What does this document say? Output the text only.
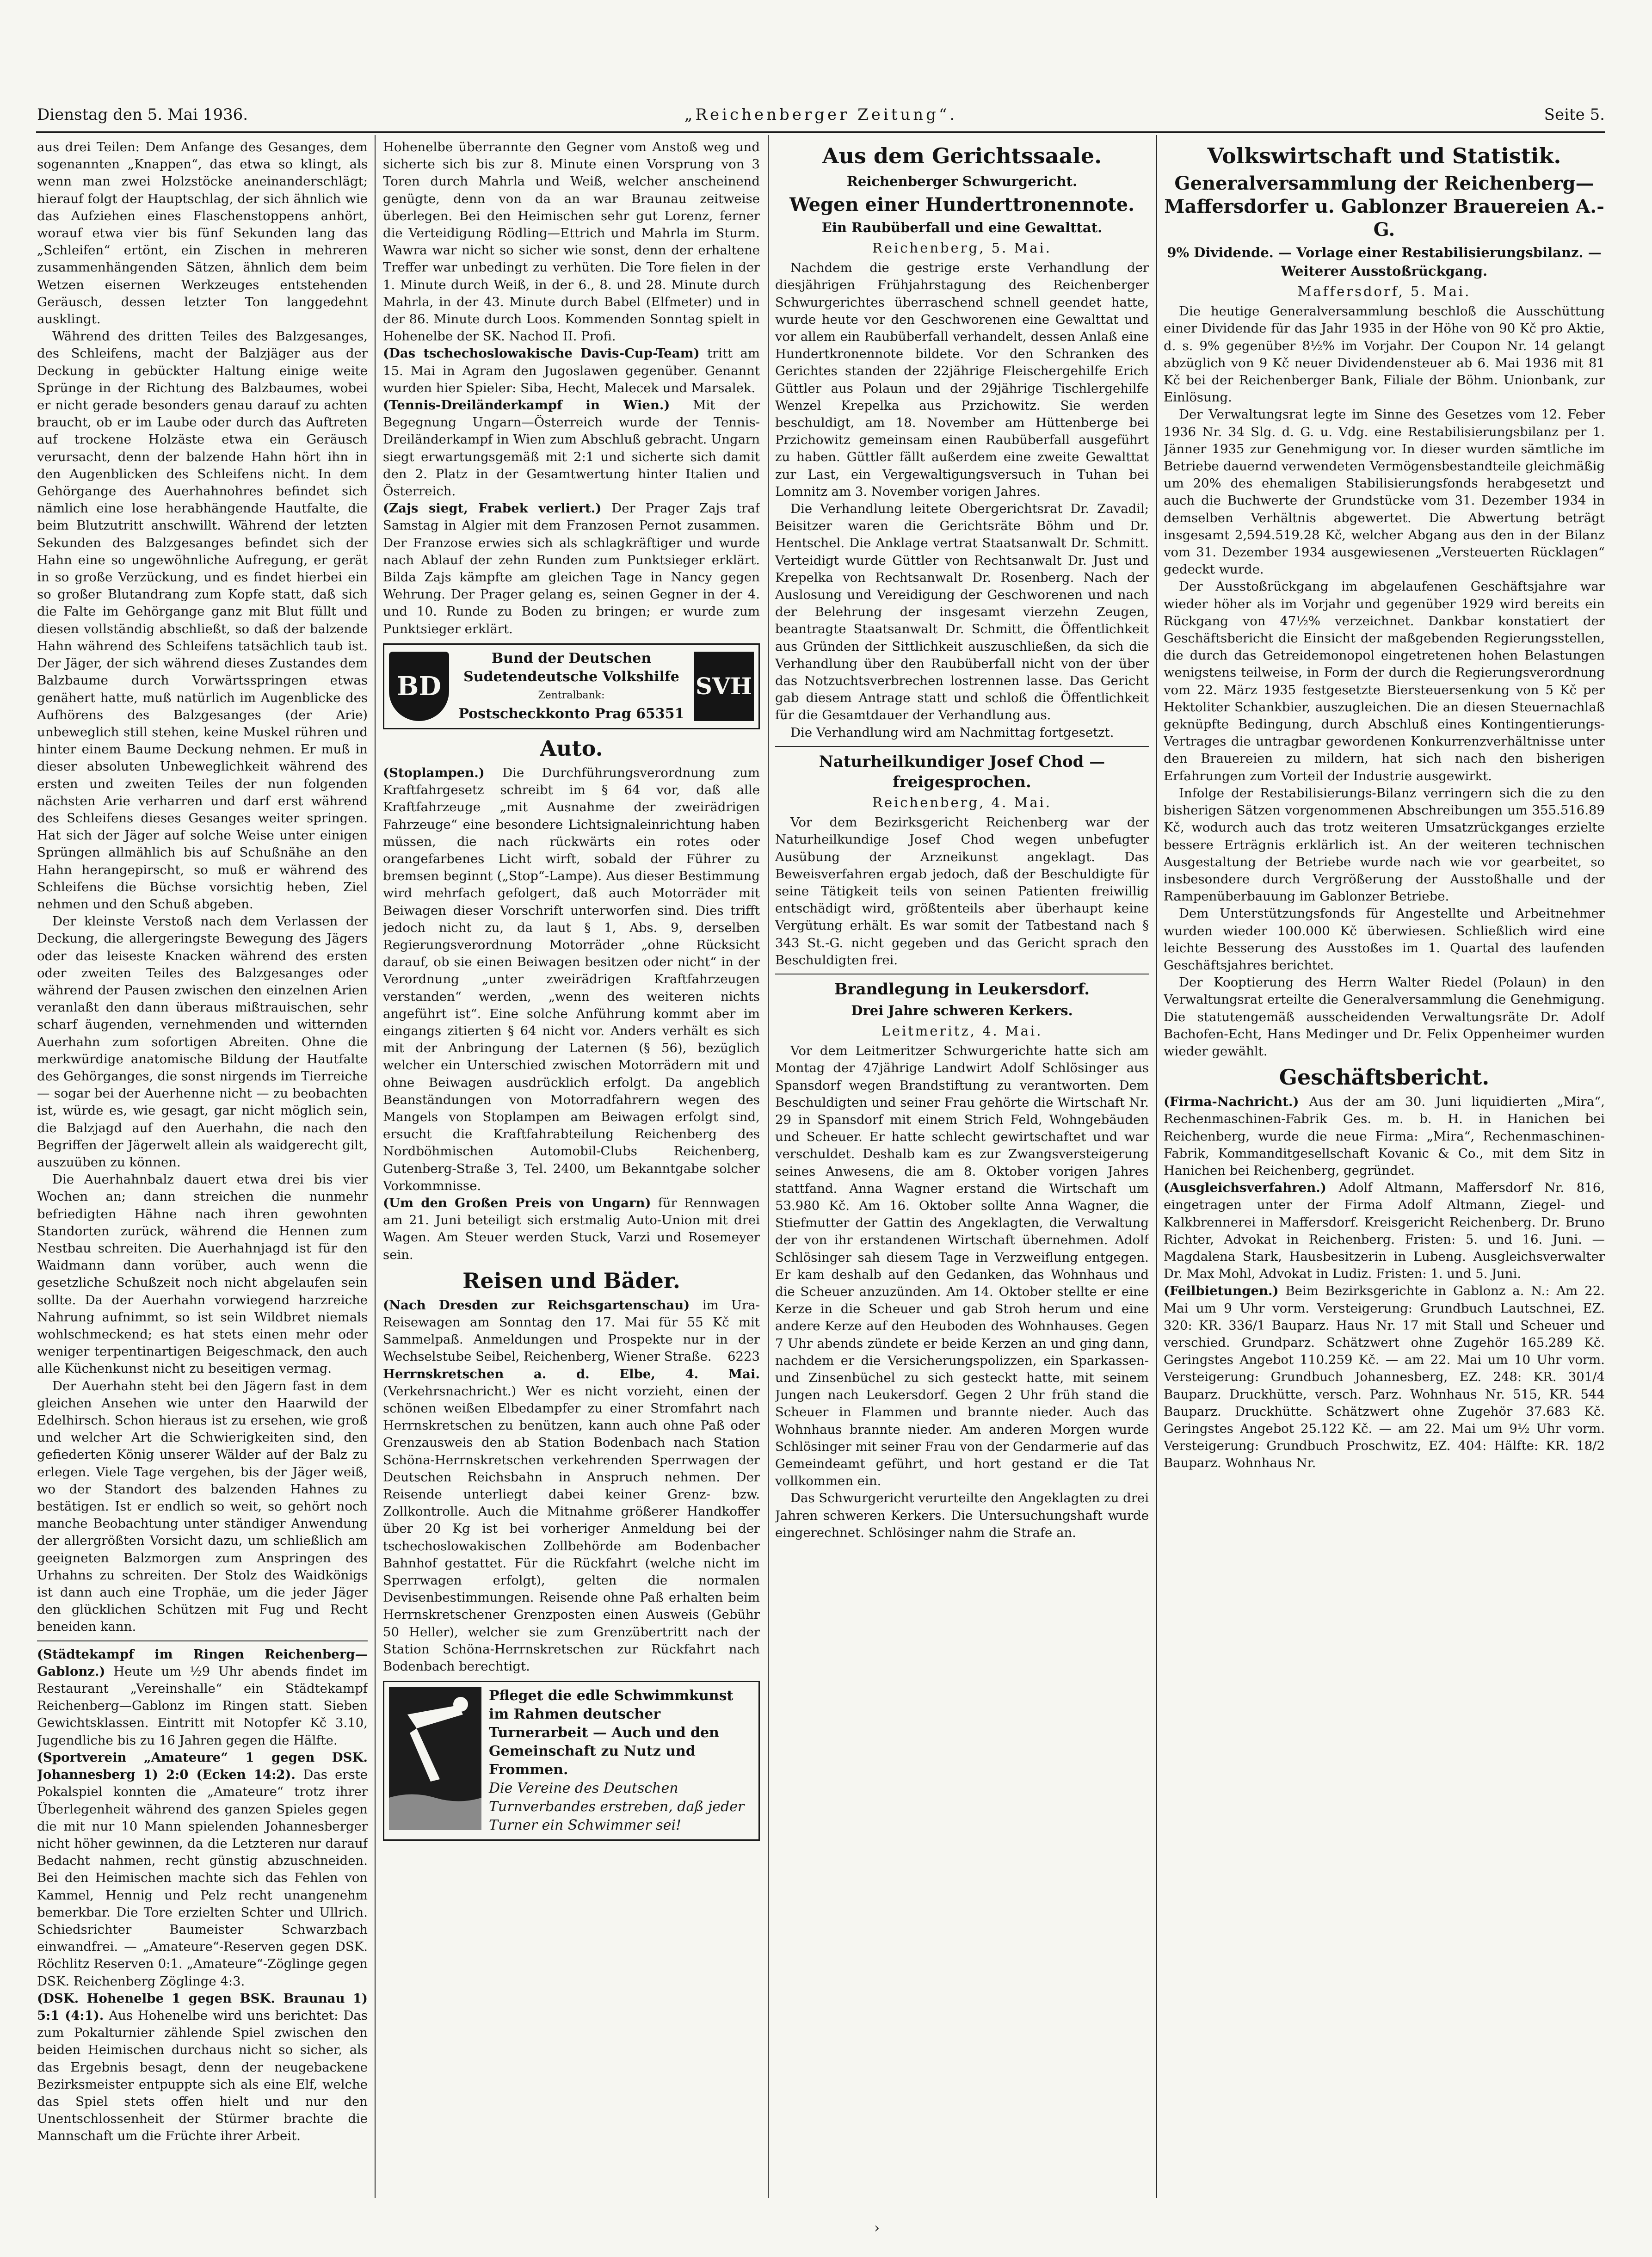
Dienstag den 5. Mai 1936.	„Reichenberger Zeitung“.	Seite 5.

aus drei Teilen: Dem Anfange des Gesanges, dem sogenannten „Knappen“, das etwa so klingt, als wenn man zwei Holzstöcke aneinanderschlägt; hierauf folgt der Hauptschlag, der sich ähnlich wie das Aufziehen eines Flaschenstoppens anhört, worauf etwa vier bis fünf Sekunden lang das „Schleifen“ ertönt, ein Zischen in mehreren zusammenhängenden Sätzen, ähnlich dem beim Wetzen eisernen Werkzeuges entstehenden Geräusch, dessen letzter Ton langgedehnt ausklingt.

Während des dritten Teiles des Balzgesanges, des Schleifens, macht der Balzjäger aus der Deckung in gebückter Haltung einige weite Sprünge in der Richtung des Balzbaumes, wobei er nicht gerade besonders genau darauf zu achten braucht, ob er im Laube oder durch das Auftreten auf trockene Holzäste etwa ein Geräusch verursacht, denn der balzende Hahn hört ihn in den Augenblicken des Schleifens nicht. In dem Gehörgange des Auerhahnohres befindet sich nämlich eine lose herabhängende Hautfalte, die beim Blutzutritt anschwillt. Während der letzten Sekunden des Balzgesanges befindet sich der Hahn eine so ungewöhnliche Aufregung, er gerät in so große Verzückung, und es findet hierbei ein so großer Blutandrang zum Kopfe statt, daß sich die Falte im Gehörgange ganz mit Blut füllt und diesen vollständig abschließt, so daß der balzende Hahn während des Schleifens tatsächlich taub ist. Der Jäger, der sich während dieses Zustandes dem Balzbaume durch Vorwärtsspringen etwas genähert hatte, muß natürlich im Augenblicke des Aufhörens des Balzgesanges (der Arie) unbeweglich still stehen, keine Muskel rühren und hinter einem Baume Deckung nehmen. Er muß in dieser absoluten Unbeweglichkeit während des ersten und zweiten Teiles der nun folgenden nächsten Arie verharren und darf erst während des Schleifens dieses Gesanges weiter springen. Hat sich der Jäger auf solche Weise unter einigen Sprüngen allmählich bis auf Schußnähe an den Hahn herangepirscht, so muß er während des Schleifens die Büchse vorsichtig heben, Ziel nehmen und den Schuß abgeben.

Der kleinste Verstoß nach dem Verlassen der Deckung, die allergeringste Bewegung des Jägers oder das leiseste Knacken während des ersten oder zweiten Teiles des Balzgesanges oder während der Pausen zwischen den einzelnen Arien veranlaßt den dann überaus mißtrauischen, sehr scharf äugenden, vernehmenden und witternden Auerhahn zum sofortigen Abreiten. Ohne die merkwürdige anatomische Bildung der Hautfalte des Gehörganges, die sonst nirgends im Tierreiche — sogar bei der Auerhenne nicht — zu beobachten ist, würde es, wie gesagt, gar nicht möglich sein, die Balzjagd auf den Auerhahn, die nach den Begriffen der Jägerwelt allein als waidgerecht gilt, auszuüben zu können.

Die Auerhahnbalz dauert etwa drei bis vier Wochen an; dann streichen die nunmehr befriedigten Hähne nach ihren gewohnten Standorten zurück, während die Hennen zum Nestbau schreiten. Die Auerhahnjagd ist für den Waidmann dann vorüber, auch wenn die gesetzliche Schußzeit noch nicht abgelaufen sein sollte. Da der Auerhahn vorwiegend harzreiche Nahrung aufnimmt, so ist sein Wildbret niemals wohlschmeckend; es hat stets einen mehr oder weniger terpentinartigen Beigeschmack, den auch alle Küchenkunst nicht zu beseitigen vermag.

Der Auerhahn steht bei den Jägern fast in dem gleichen Ansehen wie unter den Haarwild der Edelhirsch. Schon hieraus ist zu ersehen, wie groß und welcher Art die Schwierigkeiten sind, den gefiederten König unserer Wälder auf der Balz zu erlegen. Viele Tage vergehen, bis der Jäger weiß, wo der Standort des balzenden Hahnes zu bestätigen. Ist er endlich so weit, so gehört noch manche Beobachtung unter ständiger Anwendung der allergrößten Vorsicht dazu, um schließlich am geeigneten Balzmorgen zum Anspringen des Urhahns zu schreiten. Der Stolz des Waidkönigs ist dann auch eine Trophäe, um die jeder Jäger den glücklichen Schützen mit Fug und Recht beneiden kann.

(Städtekampf im Ringen Reichenberg—Gablonz.) Heute um ½9 Uhr abends findet im Restaurant „Vereinshalle“ ein Städtekampf Reichenberg—Gablonz im Ringen statt. Sieben Gewichtsklassen. Eintritt mit Notopfer Kč 3.10, Jugendliche bis zu 16 Jahren gegen die Hälfte.

(Sportverein „Amateure“ 1 gegen DSK. Johannesberg 1) 2:0 (Ecken 14:2). Das erste Pokalspiel konnten die „Amateure“ trotz ihrer Überlegenheit während des ganzen Spieles gegen die mit nur 10 Mann spielenden Johannesberger nicht höher gewinnen, da die Letzteren nur darauf Bedacht nahmen, recht günstig abzuschneiden. Bei den Heimischen machte sich das Fehlen von Kammel, Hennig und Pelz recht unangenehm bemerkbar. Die Tore erzielten Schter und Ullrich. Schiedsrichter Baumeister Schwarzbach einwandfrei. — „Amateure“-Reserven gegen DSK. Röchlitz Reserven 0:1. „Amateure“-Zöglinge gegen DSK. Reichenberg Zöglinge 4:3.

(DSK. Hohenelbe 1 gegen BSK. Braunau 1) 5:1 (4:1). Aus Hohenelbe wird uns berichtet: Das zum Pokalturnier zählende Spiel zwischen den beiden Heimischen durchaus nicht so sicher, als das Ergebnis besagt, denn der neugebackene Bezirksmeister entpuppte sich als eine Elf, welche das Spiel stets offen hielt und nur den Unentschlossenheit der Stürmer brachte die Mannschaft um die Früchte ihrer Arbeit.

Hohenelbe überrannte den Gegner vom Anstoß weg und sicherte sich bis zur 8. Minute einen Vorsprung von 3 Toren durch Mahrla und Weiß, welcher anscheinend genügte, denn von da an war Braunau zeitweise überlegen. Bei den Heimischen sehr gut Lorenz, ferner die Verteidigung Rödling—Ettrich und Mahrla im Sturm. Wawra war nicht so sicher wie sonst, denn der erhaltene Treffer war unbedingt zu verhüten. Die Tore fielen in der 1. Minute durch Weiß, in der 6., 8. und 28. Minute durch Mahrla, in der 43. Minute durch Babel (Elfmeter) und in der 86. Minute durch Loos. Kommenden Sonntag spielt in Hohenelbe der SK. Nachod II. Profi.

(Das tschechoslowakische Davis-Cup-Team) tritt am 15. Mai in Agram den Jugoslawen gegenüber. Genannt wurden hier Spieler: Siba, Hecht, Malecek und Marsalek.

(Tennis-Dreiländerkampf in Wien.) Mit der Begegnung Ungarn—Österreich wurde der Tennis-Dreiländerkampf in Wien zum Abschluß gebracht. Ungarn siegt erwartungsgemäß mit 2:1 und sicherte sich damit den 2. Platz in der Gesamtwertung hinter Italien und Österreich.

(Zajs siegt, Frabek verliert.) Der Prager Zajs traf Samstag in Algier mit dem Franzosen Pernot zusammen. Der Franzose erwies sich als schlagkräftiger und wurde nach Ablauf der zehn Runden zum Punktsieger erklärt. Bilda Zajs kämpfte am gleichen Tage in Nancy gegen Wehrung. Der Prager gelang es, seinen Gegner in der 4. und 10. Runde zu Boden zu bringen; er wurde zum Punktsieger erklärt.

BD
Bund der Deutschen
Sudetendeutsche Volkshilfe
Zentralbank:
Postscheckkonto Prag 65351
SVH
Auto.

(Stoplampen.) Die Durchführungsverordnung zum Kraftfahrgesetz schreibt im § 64 vor, daß alle Kraftfahrzeuge „mit Ausnahme der zweirädrigen Fahrzeuge“ eine besondere Lichtsignaleinrichtung haben müssen, die nach rückwärts ein rotes oder orangefarbenes Licht wirft, sobald der Führer zu bremsen beginnt („Stop“-Lampe). Aus dieser Bestimmung wird mehrfach gefolgert, daß auch Motorräder mit Beiwagen dieser Vorschrift unterworfen sind. Dies trifft jedoch nicht zu, da laut § 1, Abs. 9, derselben Regierungsverordnung Motorräder „ohne Rücksicht darauf, ob sie einen Beiwagen besitzen oder nicht“ in der Verordnung „unter zweirädrigen Kraftfahrzeugen verstanden“ werden, „wenn des weiteren nichts angeführt ist“. Eine solche Anführung kommt aber im eingangs zitierten § 64 nicht vor. Anders verhält es sich mit der Anbringung der Laternen (§ 56), bezüglich welcher ein Unterschied zwischen Motorrädern mit und ohne Beiwagen ausdrücklich erfolgt. Da angeblich Beanständungen von Motorradfahrern wegen des Mangels von Stoplampen am Beiwagen erfolgt sind, ersucht die Kraftfahrabteilung Reichenberg des Nordböhmischen Automobil-Clubs Reichenberg, Gutenberg-Straße 3, Tel. 2400, um Bekanntgabe solcher Vorkommnisse.

(Um den Großen Preis von Ungarn) für Rennwagen am 21. Juni beteiligt sich erstmalig Auto-Union mit drei Wagen. Am Steuer werden Stuck, Varzi und Rosemeyer sein.

Reisen und Bäder.

(Nach Dresden zur Reichsgartenschau) im Ura-Reisewagen am Sonntag den 17. Mai für 55 Kč mit Sammelpaß. Anmeldungen und Prospekte nur in der Wechselstube Seibel, Reichenberg, Wiener Straße. 6223

Herrnskretschen a. d. Elbe, 4. Mai. (Verkehrsnachricht.) Wer es nicht vorzieht, einen der schönen weißen Elbedampfer zu einer Stromfahrt nach Herrnskretschen zu benützen, kann auch ohne Paß oder Grenzausweis den ab Station Bodenbach nach Station Schöna-Herrnskretschen verkehrenden Sperrwagen der Deutschen Reichsbahn in Anspruch nehmen. Der Reisende unterliegt dabei keiner Grenz- bzw. Zollkontrolle. Auch die Mitnahme größerer Handkoffer über 20 Kg ist bei vorheriger Anmeldung bei der tschechoslowakischen Zollbehörde am Bodenbacher Bahnhof gestattet. Für die Rückfahrt (welche nicht im Sperrwagen erfolgt), gelten die normalen Devisenbestimmungen. Reisende ohne Paß erhalten beim Herrnskretschener Grenzposten einen Ausweis (Gebühr 50 Heller), welcher sie zum Grenzübertritt nach der Station Schöna-Herrnskretschen zur Rückfahrt nach Bodenbach berechtigt.

Pfleget die edle Schwimmkunst
im Rahmen deutscher Turnerarbeit — Auch und den Gemeinschaft zu Nutz und Frommen.
Die Vereine des Deutschen Turnverbandes erstreben, daß jeder Turner ein Schwimmer sei!
Aus dem Gerichtssaale.
Reichenberger Schwurgericht.
Wegen einer Hunderttronennote.
Ein Raubüberfall und eine Gewalttat.
Reichenberg, 5. Mai.

Nachdem die gestrige erste Verhandlung der diesjährigen Frühjahrstagung des Reichenberger Schwurgerichtes überraschend schnell geendet hatte, wurde heute vor den Geschworenen eine Gewalttat und vor allem ein Raubüberfall verhandelt, dessen Anlaß eine Hundertkronennote bildete. Vor den Schranken des Gerichtes standen der 22jährige Fleischergehilfe Erich Güttler aus Polaun und der 29jährige Tischlergehilfe Wenzel Krepelka aus Przichowitz. Sie werden beschuldigt, am 18. November am Hüttenberge bei Przichowitz gemeinsam einen Raubüberfall ausgeführt zu haben. Güttler fällt außerdem eine zweite Gewalttat zur Last, ein Vergewaltigungsversuch in Tuhan bei Lomnitz am 3. November vorigen Jahres.

Die Verhandlung leitete Obergerichtsrat Dr. Zavadil; Beisitzer waren die Gerichtsräte Böhm und Dr. Hentschel. Die Anklage vertrat Staatsanwalt Dr. Schmitt. Verteidigt wurde Güttler von Rechtsanwalt Dr. Just und Krepelka von Rechtsanwalt Dr. Rosenberg. Nach der Auslosung und Vereidigung der Geschworenen und nach der Belehrung der insgesamt vierzehn Zeugen, beantragte Staatsanwalt Dr. Schmitt, die Öffentlichkeit aus Gründen der Sittlichkeit auszuschließen, da sich die Verhandlung über den Raubüberfall nicht von der über das Notzuchtsverbrechen lostrennen lasse. Das Gericht gab diesem Antrage statt und schloß die Öffentlichkeit für die Gesamtdauer der Verhandlung aus.

Die Verhandlung wird am Nachmittag fortgesetzt.

Naturheilkundiger Josef Chod — freigesprochen.
Reichenberg, 4. Mai.

Vor dem Bezirksgericht Reichenberg war der Naturheilkundige Josef Chod wegen unbefugter Ausübung der Arzneikunst angeklagt. Das Beweisverfahren ergab jedoch, daß der Beschuldigte für seine Tätigkeit teils von seinen Patienten freiwillig entschädigt wird, größtenteils aber überhaupt keine Vergütung erhält. Es war somit der Tatbestand nach § 343 St.-G. nicht gegeben und das Gericht sprach den Beschuldigten frei.

Brandlegung in Leukersdorf.
Drei Jahre schweren Kerkers.
Leitmeritz, 4. Mai.

Vor dem Leitmeritzer Schwurgerichte hatte sich am Montag der 47jährige Landwirt Adolf Schlösinger aus Spansdorf wegen Brandstiftung zu verantworten. Dem Beschuldigten und seiner Frau gehörte die Wirtschaft Nr. 29 in Spansdorf mit einem Strich Feld, Wohngebäuden und Scheuer. Er hatte schlecht gewirtschaftet und war verschuldet. Deshalb kam es zur Zwangsversteigerung seines Anwesens, die am 8. Oktober vorigen Jahres stattfand. Anna Wagner erstand die Wirtschaft um 53.980 Kč. Am 16. Oktober sollte Anna Wagner, die Stiefmutter der Gattin des Angeklagten, die Verwaltung der von ihr erstandenen Wirtschaft übernehmen. Adolf Schlösinger sah diesem Tage in Verzweiflung entgegen. Er kam deshalb auf den Gedanken, das Wohnhaus und die Scheuer anzuzünden. Am 14. Oktober stellte er eine Kerze in die Scheuer und gab Stroh herum und eine andere Kerze auf den Heuboden des Wohnhauses. Gegen 7 Uhr abends zündete er beide Kerzen an und ging dann, nachdem er die Versicherungspolizzen, ein Sparkassen- und Zinsenbüchel zu sich gesteckt hatte, mit seinem Jungen nach Leukersdorf. Gegen 2 Uhr früh stand die Scheuer in Flammen und brannte nieder. Auch das Wohnhaus brannte nieder. Am anderen Morgen wurde Schlösinger mit seiner Frau von der Gendarmerie auf das Gemeindeamt geführt, und hort gestand er die Tat vollkommen ein.

Das Schwurgericht verurteilte den Angeklagten zu drei Jahren schweren Kerkers. Die Untersuchungshaft wurde eingerechnet. Schlösinger nahm die Strafe an.

Volkswirtschaft und Statistik.
Generalversammlung der Reichenberg—Maffersdorfer u. Gablonzer Brauereien A.-G.
9% Dividende. — Vorlage einer Restabilisierungsbilanz. — Weiterer Ausstoßrückgang.
Maffersdorf, 5. Mai.

Die heutige Generalversammlung beschloß die Ausschüttung einer Dividende für das Jahr 1935 in der Höhe von 90 Kč pro Aktie, d. s. 9% gegenüber 8½% im Vorjahr. Der Coupon Nr. 14 gelangt abzüglich von 9 Kč neuer Dividendensteuer ab 6. Mai 1936 mit 81 Kč bei der Reichenberger Bank, Filiale der Böhm. Unionbank, zur Einlösung.

Der Verwaltungsrat legte im Sinne des Gesetzes vom 12. Feber 1936 Nr. 34 Slg. d. G. u. Vdg. eine Restabilisierungsbilanz per 1. Jänner 1935 zur Genehmigung vor. In dieser wurden sämtliche im Betriebe dauernd verwendeten Vermögensbestandteile gleichmäßig um 20% des ehemaligen Stabilisierungsfonds herabgesetzt und auch die Buchwerte der Grundstücke vom 31. Dezember 1934 in demselben Verhältnis abgewertet. Die Abwertung beträgt insgesamt 2,594.519.28 Kč, welcher Abgang aus den in der Bilanz vom 31. Dezember 1934 ausgewiesenen „Versteuerten Rücklagen“ gedeckt wurde.

Der Ausstoßrückgang im abgelaufenen Geschäftsjahre war wieder höher als im Vorjahr und gegenüber 1929 wird bereits ein Rückgang von 47½% verzeichnet. Dankbar konstatiert der Geschäftsbericht die Einsicht der maßgebenden Regierungsstellen, die durch das Getreidemonopol eingetretenen hohen Belastungen wenigstens teilweise, in Form der durch die Regierungsverordnung vom 22. März 1935 festgesetzte Biersteuersenkung von 5 Kč per Hektoliter Schankbier, auszugleichen. Die an diesen Steuernachlaß geknüpfte Bedingung, durch Abschluß eines Kontingentierungs-Vertrages die untragbar gewordenen Konkurrenzverhältnisse unter den Brauereien zu mildern, hat sich nach den bisherigen Erfahrungen zum Vorteil der Industrie ausgewirkt.

Infolge der Restabilisierungs-Bilanz verringern sich die zu den bisherigen Sätzen vorgenommenen Abschreibungen um 355.516.89 Kč, wodurch auch das trotz weiteren Umsatzrückganges erzielte bessere Erträgnis erklärlich ist. An der weiteren technischen Ausgestaltung der Betriebe wurde nach wie vor gearbeitet, so insbesondere durch Vergrößerung der Ausstoßhalle und der Rampenüberbauung im Gablonzer Betriebe.

Dem Unterstützungsfonds für Angestellte und Arbeitnehmer wurden wieder 100.000 Kč überwiesen. Schließlich wird eine leichte Besserung des Ausstoßes im 1. Quartal des laufenden Geschäftsjahres berichtet.

Der Kooptierung des Herrn Walter Riedel (Polaun) in den Verwaltungsrat erteilte die Generalversammlung die Genehmigung. Die statutengemäß ausscheidenden Verwaltungsräte Dr. Adolf Bachofen-Echt, Hans Medinger und Dr. Felix Oppenheimer wurden wieder gewählt.

Geschäftsbericht.

(Firma-Nachricht.) Aus der am 30. Juni liquidierten „Mira“, Rechenmaschinen-Fabrik Ges. m. b. H. in Hanichen bei Reichenberg, wurde die neue Firma: „Mira“, Rechenmaschinen-Fabrik, Kommanditgesellschaft Kovanic & Co., mit dem Sitz in Hanichen bei Reichenberg, gegründet.

(Ausgleichsverfahren.) Adolf Altmann, Maffersdorf Nr. 816, eingetragen unter der Firma Adolf Altmann, Ziegel- und Kalkbrennerei in Maffersdorf. Kreisgericht Reichenberg. Dr. Bruno Richter, Advokat in Reichenberg. Fristen: 5. und 16. Juni. — Magdalena Stark, Hausbesitzerin in Lubeng. Ausgleichsverwalter Dr. Max Mohl, Advokat in Ludiz. Fristen: 1. und 5. Juni.

(Feilbietungen.) Beim Bezirksgerichte in Gablonz a. N.: Am 22. Mai um 9 Uhr vorm. Versteigerung: Grundbuch Lautschnei, EZ. 320: KR. 336/1 Bauparz. Haus Nr. 17 mit Stall und Scheuer und verschied. Grundparz. Schätzwert ohne Zugehör 165.289 Kč. Geringstes Angebot 110.259 Kč. — am 22. Mai um 10 Uhr vorm. Versteigerung: Grundbuch Johannesberg, EZ. 248: KR. 301/4 Bauparz. Druckhütte, versch. Parz. Wohnhaus Nr. 515, KR. 544 Bauparz. Druckhütte. Schätzwert ohne Zugehör 37.683 Kč. Geringstes Angebot 25.122 Kč. — am 22. Mai um 9½ Uhr vorm. Versteigerung: Grundbuch Proschwitz, EZ. 404: Hälfte: KR. 18/2 Bauparz. Wohnhaus Nr.

›
